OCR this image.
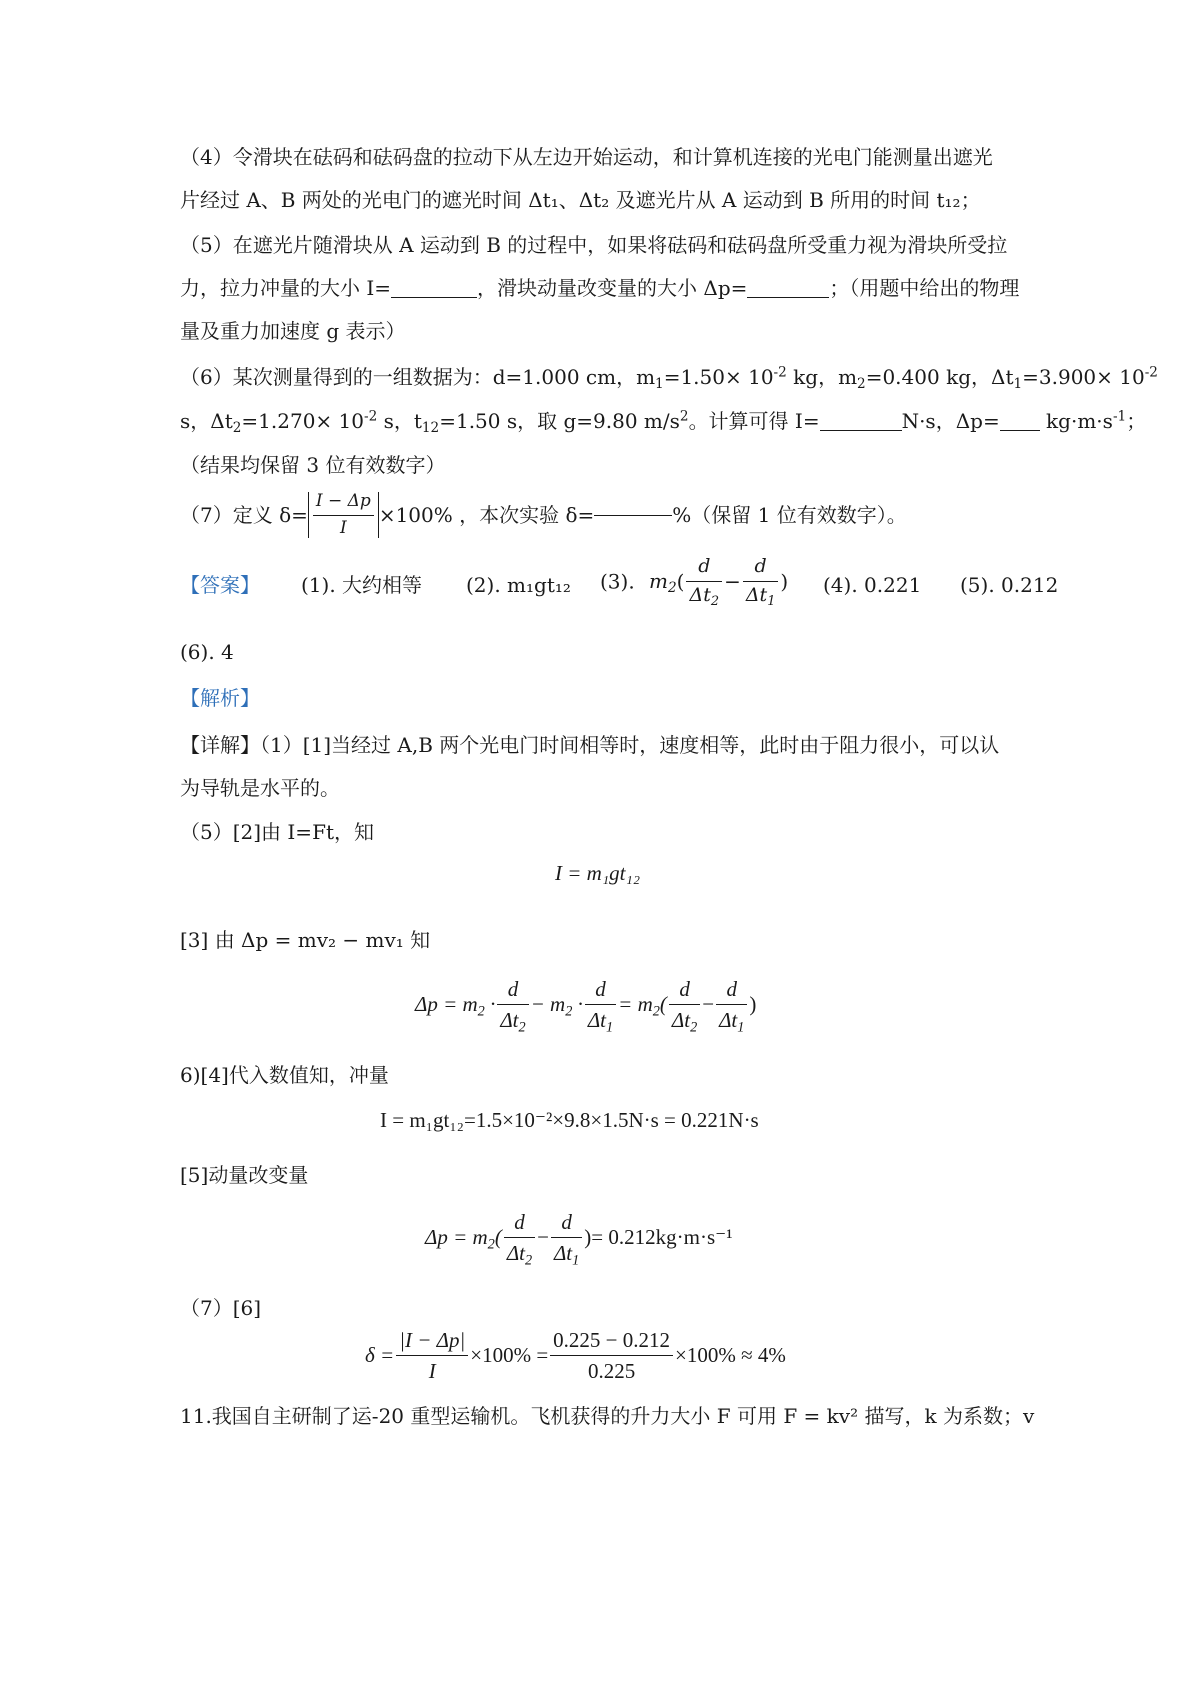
（4）令滑块在砝码和砝码盘的拉动下从左边开始运动，和计算机连接的光电门能测量出遮光
片经过 A、B 两处的光电门的遮光时间 Δt₁、Δt₂ 及遮光片从 A 运动到 B 所用的时间 t₁₂；
（5）在遮光片随滑块从 A 运动到 B 的过程中，如果将砝码和砝码盘所受重力视为滑块所受拉
力，拉力冲量的大小 I=	，滑块动量改变量的大小 Δp=	；（用题中给出的物理
量及重力加速度 g 表示）
（6）某次测量得到的一组数据为：d=1.000 cm，$m_1=1.50\times 10^{-2}$ kg，$m_2=0.400$ kg，$\Delta t_1=3.900\times 10^{-2}$
s，$\Delta t_2=1.270\times 10^{-2}$ s，$t_{12}=1.50$ s，取 g=9.80 $m/s^2$。计算可得 I=	N·s，$\Delta p= kg\cdot m\cdot s^{-1}$；
（结果均保留 3 位有效数字）
（7）定义 $\delta= \frac{I - \Delta p}{I} \times 100\%$ ，本次实验 δ=	%（保留 1 位有效数字）。
【答案】 (1). 大约相等 (2). m₁gt₁₂ (3). $m_2( \frac{d}{\Delta t_2} - \frac{d}{\Delta t_1}$ ) (4). 0.221 (5). 0.212
(6). 4
【解析】
【详解】（1）[1]当经过 A,B 两个光电门时间相等时，速度相等，此时由于阻力很小，可以认
为导轨是水平的。
（5）[2]由 I=Ft，知
I = m₁gt₁₂
[3] 由 Δp = mv₂ − mv₁ 知
$\Delta p = m_2 \cdot \frac{d}{\Delta t_2} - m_2 \cdot \frac{d}{\Delta t_1} = m_2( \frac{d}{\Delta t_2} - \frac{d}{\Delta t_1}$ )
6)[4]代入数值知，冲量
I = m₁gt₁₂=1.5×10⁻²×9.8×1.5N·s = 0.221N·s
[5]动量改变量
$\Delta p = m_2( \frac{d}{\Delta t_2} - \frac{d}{\Delta t_1}$ )= 0.212kg·m·s⁻¹
（7）[6]
$\delta = \frac{|I - \Delta p|}{I} \times 100\% = \frac{0.225 - 0.212}{0.225} \times 100\% \approx 4\%$
11.我国自主研制了运-20 重型运输机。飞机获得的升力大小 F 可用 F = kv² 描写，k 为系数；v
